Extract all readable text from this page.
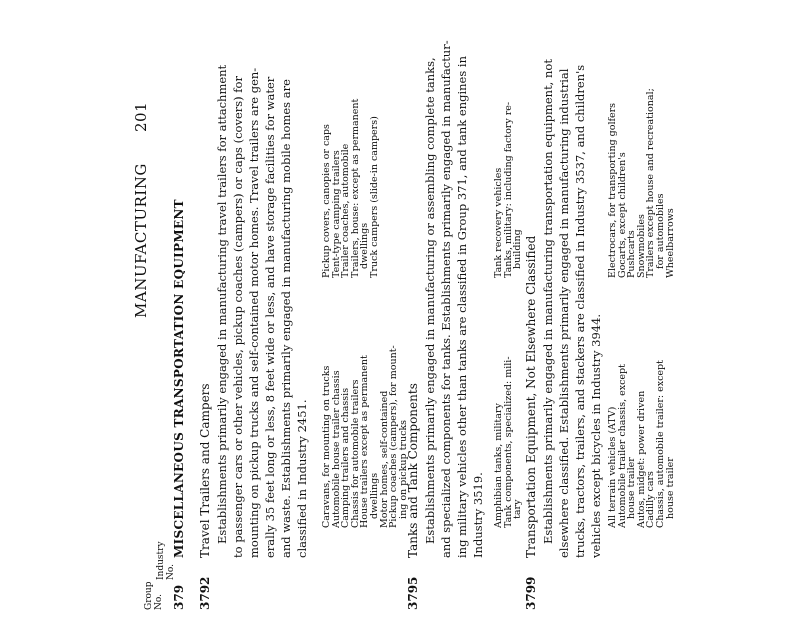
MANUFACTURING
201
Group
No.
Industry
No.
379
MISCELLANEOUS TRANSPORTATION EQUIPMENT
3792
Travel Trailers and Campers Establishments primarily engaged in manufacturing travel trailers for attachment to passenger cars or other vehicles, pickup coaches (campers) or caps (covers) for mounting on pickup trucks and self-contained motor homes. Travel trailers are gen- erally 35 feet long or less, 8 feet wide or less, and have storage facilities for water and waste. Establishments primarily engaged in manufacturing mobile homes are classified in Industry 2451. Caravans, for mounting on trucks
Automobile house trailer chassis
Camping trailers and chassis
Chassis for automobile trailers
House trailers except as permanent
dwellings
Motor homes, self-contained
Pickup coaches (campers), for mount-
ing on pickup trucks
Pickup covers, canopies or caps
Tent-type camping trailers
Trailer coaches, automobile
Trailers, house: except as permanent
dwellings
Truck campers (slide-in campers)
3795
Tanks and Tank Components Establishments primarily engaged in manufacturing or assembling complete tanks, and specialized components for tanks. Establishments primarily engaged in manufactur- ing military vehicles other than tanks are classified in Group 371, and tank engines in Industry 3519. Amphibian tanks, military
Tank components, specialized: mili-
tary
Tank recovery vehicles
Tanks, military: including factory re-
building
3799
Transportation Equipment, Not Elsewhere Classified Establishments primarily engaged in manufacturing transportation equipment, not elsewhere classified. Establishments primarily engaged in manufacturing industrial trucks, tractors, trailers, and stackers are classified in Industry 3537, and children's vehicles except bicycles in Industry 3944. All terrain vehicles (ATV)
Automobile trailer chassis, except
house trailer
Autos, midget: power driven
Cadilly cars
Chassis, automobile trailer: except
house trailer
Electrocars, for transporting golfers
Gocarts, except children's
Pushcarts
Snowmobiles
Trailers except house and recreational;
for automobiles
Wheelbarrows
